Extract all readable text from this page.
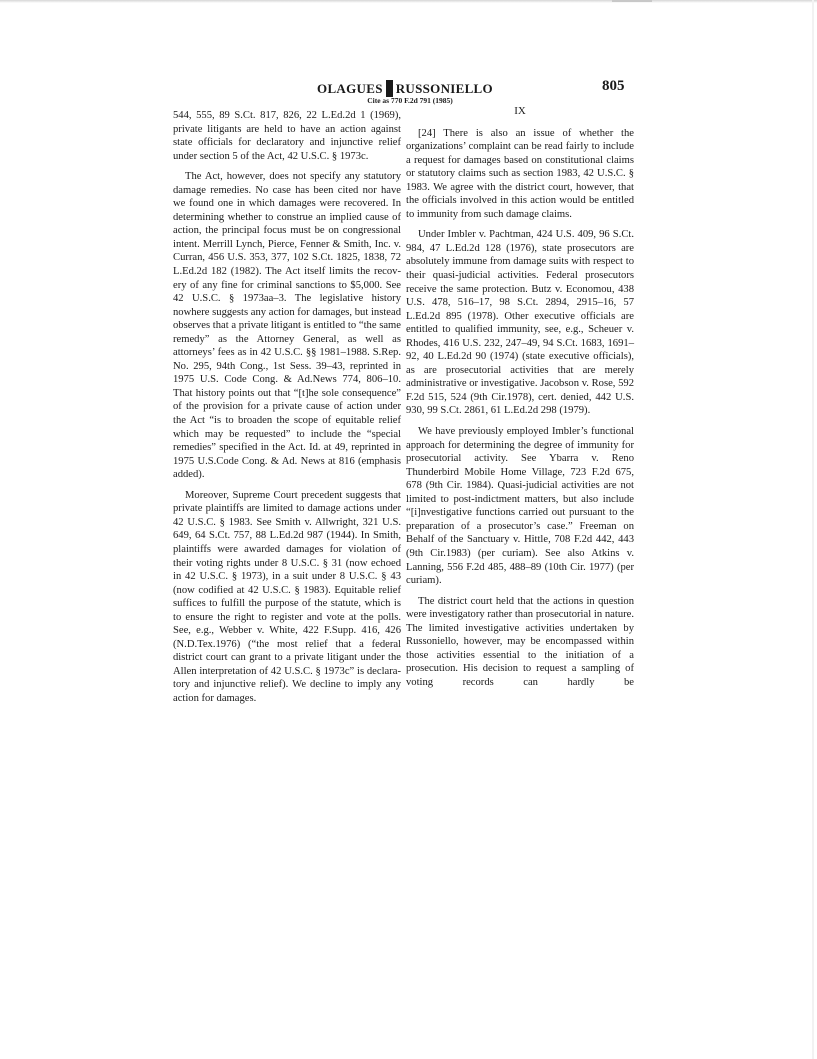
OLAGUES RUSSONIELLO
Cite as 770 F.2d 791 (1985)
805

544, 555, 89 S.Ct. 817, 826, 22 L.Ed.2d 1 (1969), private litigants are held to have an action against state officials for declaratory and injunctive relief under section 5 of the Act, 42 U.S.C. § 1973c.

The Act, however, does not specify any statutory damage remedies. No case has been cited nor have we found one in which damages were recovered. In determining whether to construe an implied cause of action, the principal focus must be on congressional intent. Merrill Lynch, Pierce, Fenner & Smith, Inc. v. Curran, 456 U.S. 353, 377, 102 S.Ct. 1825, 1838, 72 L.Ed.2d 182 (1982). The Act itself limits the recovery of any fine for criminal sanctions to $5,000. See 42 U.S.C. § 1973aa–3. The legislative history nowhere suggests any action for damages, but instead observes that a private litigant is entitled to “the same remedy” as the Attorney General, as well as attorneys’ fees as in 42 U.S.C. §§ 1981–1988. S.Rep. No. 295, 94th Cong., 1st Sess. 39–43, reprinted in 1975 U.S. Code Cong. & Ad.News 774, 806–10. That history points out that “[t]he sole consequence” of the provision for a private cause of action under the Act “is to broaden the scope of equitable relief which may be requested” to include the “special remedies” specified in the Act. Id. at 49, reprinted in 1975 U.S.Code Cong. & Ad. News at 816 (emphasis added).

Moreover, Supreme Court precedent suggests that private plaintiffs are limited to damage actions under 42 U.S.C. § 1983. See Smith v. Allwright, 321 U.S. 649, 64 S.Ct. 757, 88 L.Ed.2d 987 (1944). In Smith, plaintiffs were awarded damages for violation of their voting rights under 8 U.S.C. § 31 (now echoed in 42 U.S.C. § 1973), in a suit under 8 U.S.C. § 43 (now codified at 42 U.S.C. § 1983). Equitable relief suffices to fulfill the purpose of the statute, which is to ensure the right to register and vote at the polls. See, e.g., Webber v. White, 422 F.Supp. 416, 426 (N.D.Tex.1976) (“the most relief that a federal district court can grant to a private litigant under the Allen interpretation of 42 U.S.C. § 1973c” is declaratory and injunctive relief). We decline to imply any action for damages.

IX

[24] There is also an issue of whether the organizations’ complaint can be read fairly to include a request for damages based on constitutional claims or statutory claims such as section 1983, 42 U.S.C. § 1983. We agree with the district court, however, that the officials involved in this action would be entitled to immunity from such damage claims.

Under Imbler v. Pachtman, 424 U.S. 409, 96 S.Ct. 984, 47 L.Ed.2d 128 (1976), state prosecutors are absolutely immune from damage suits with respect to their quasi-judicial activities. Federal prosecutors receive the same protection. Butz v. Economou, 438 U.S. 478, 516–17, 98 S.Ct. 2894, 2915–16, 57 L.Ed.2d 895 (1978). Other executive officials are entitled to qualified immunity, see, e.g., Scheuer v. Rhodes, 416 U.S. 232, 247–49, 94 S.Ct. 1683, 1691–92, 40 L.Ed.2d 90 (1974) (state executive officials), as are prosecutorial activities that are merely administrative or investigative. Jacobson v. Rose, 592 F.2d 515, 524 (9th Cir.1978), cert. denied, 442 U.S. 930, 99 S.Ct. 2861, 61 L.Ed.2d 298 (1979).

We have previously employed Imbler’s functional approach for determining the degree of immunity for prosecutorial activity. See Ybarra v. Reno Thunderbird Mobile Home Village, 723 F.2d 675, 678 (9th Cir. 1984). Quasi-judicial activities are not limited to post-indictment matters, but also include “[i]nvestigative functions carried out pursuant to the preparation of a prosecutor’s case.” Freeman on Behalf of the Sanctuary v. Hittle, 708 F.2d 442, 443 (9th Cir.1983) (per curiam). See also Atkins v. Lanning, 556 F.2d 485, 488–89 (10th Cir. 1977) (per curiam).

The district court held that the actions in question were investigatory rather than prosecutorial in nature. The limited investigative activities undertaken by Russoniello, however, may be encompassed within those activities essential to the initiation of a prosecution. His decision to request a sampling of voting records can hardly be
